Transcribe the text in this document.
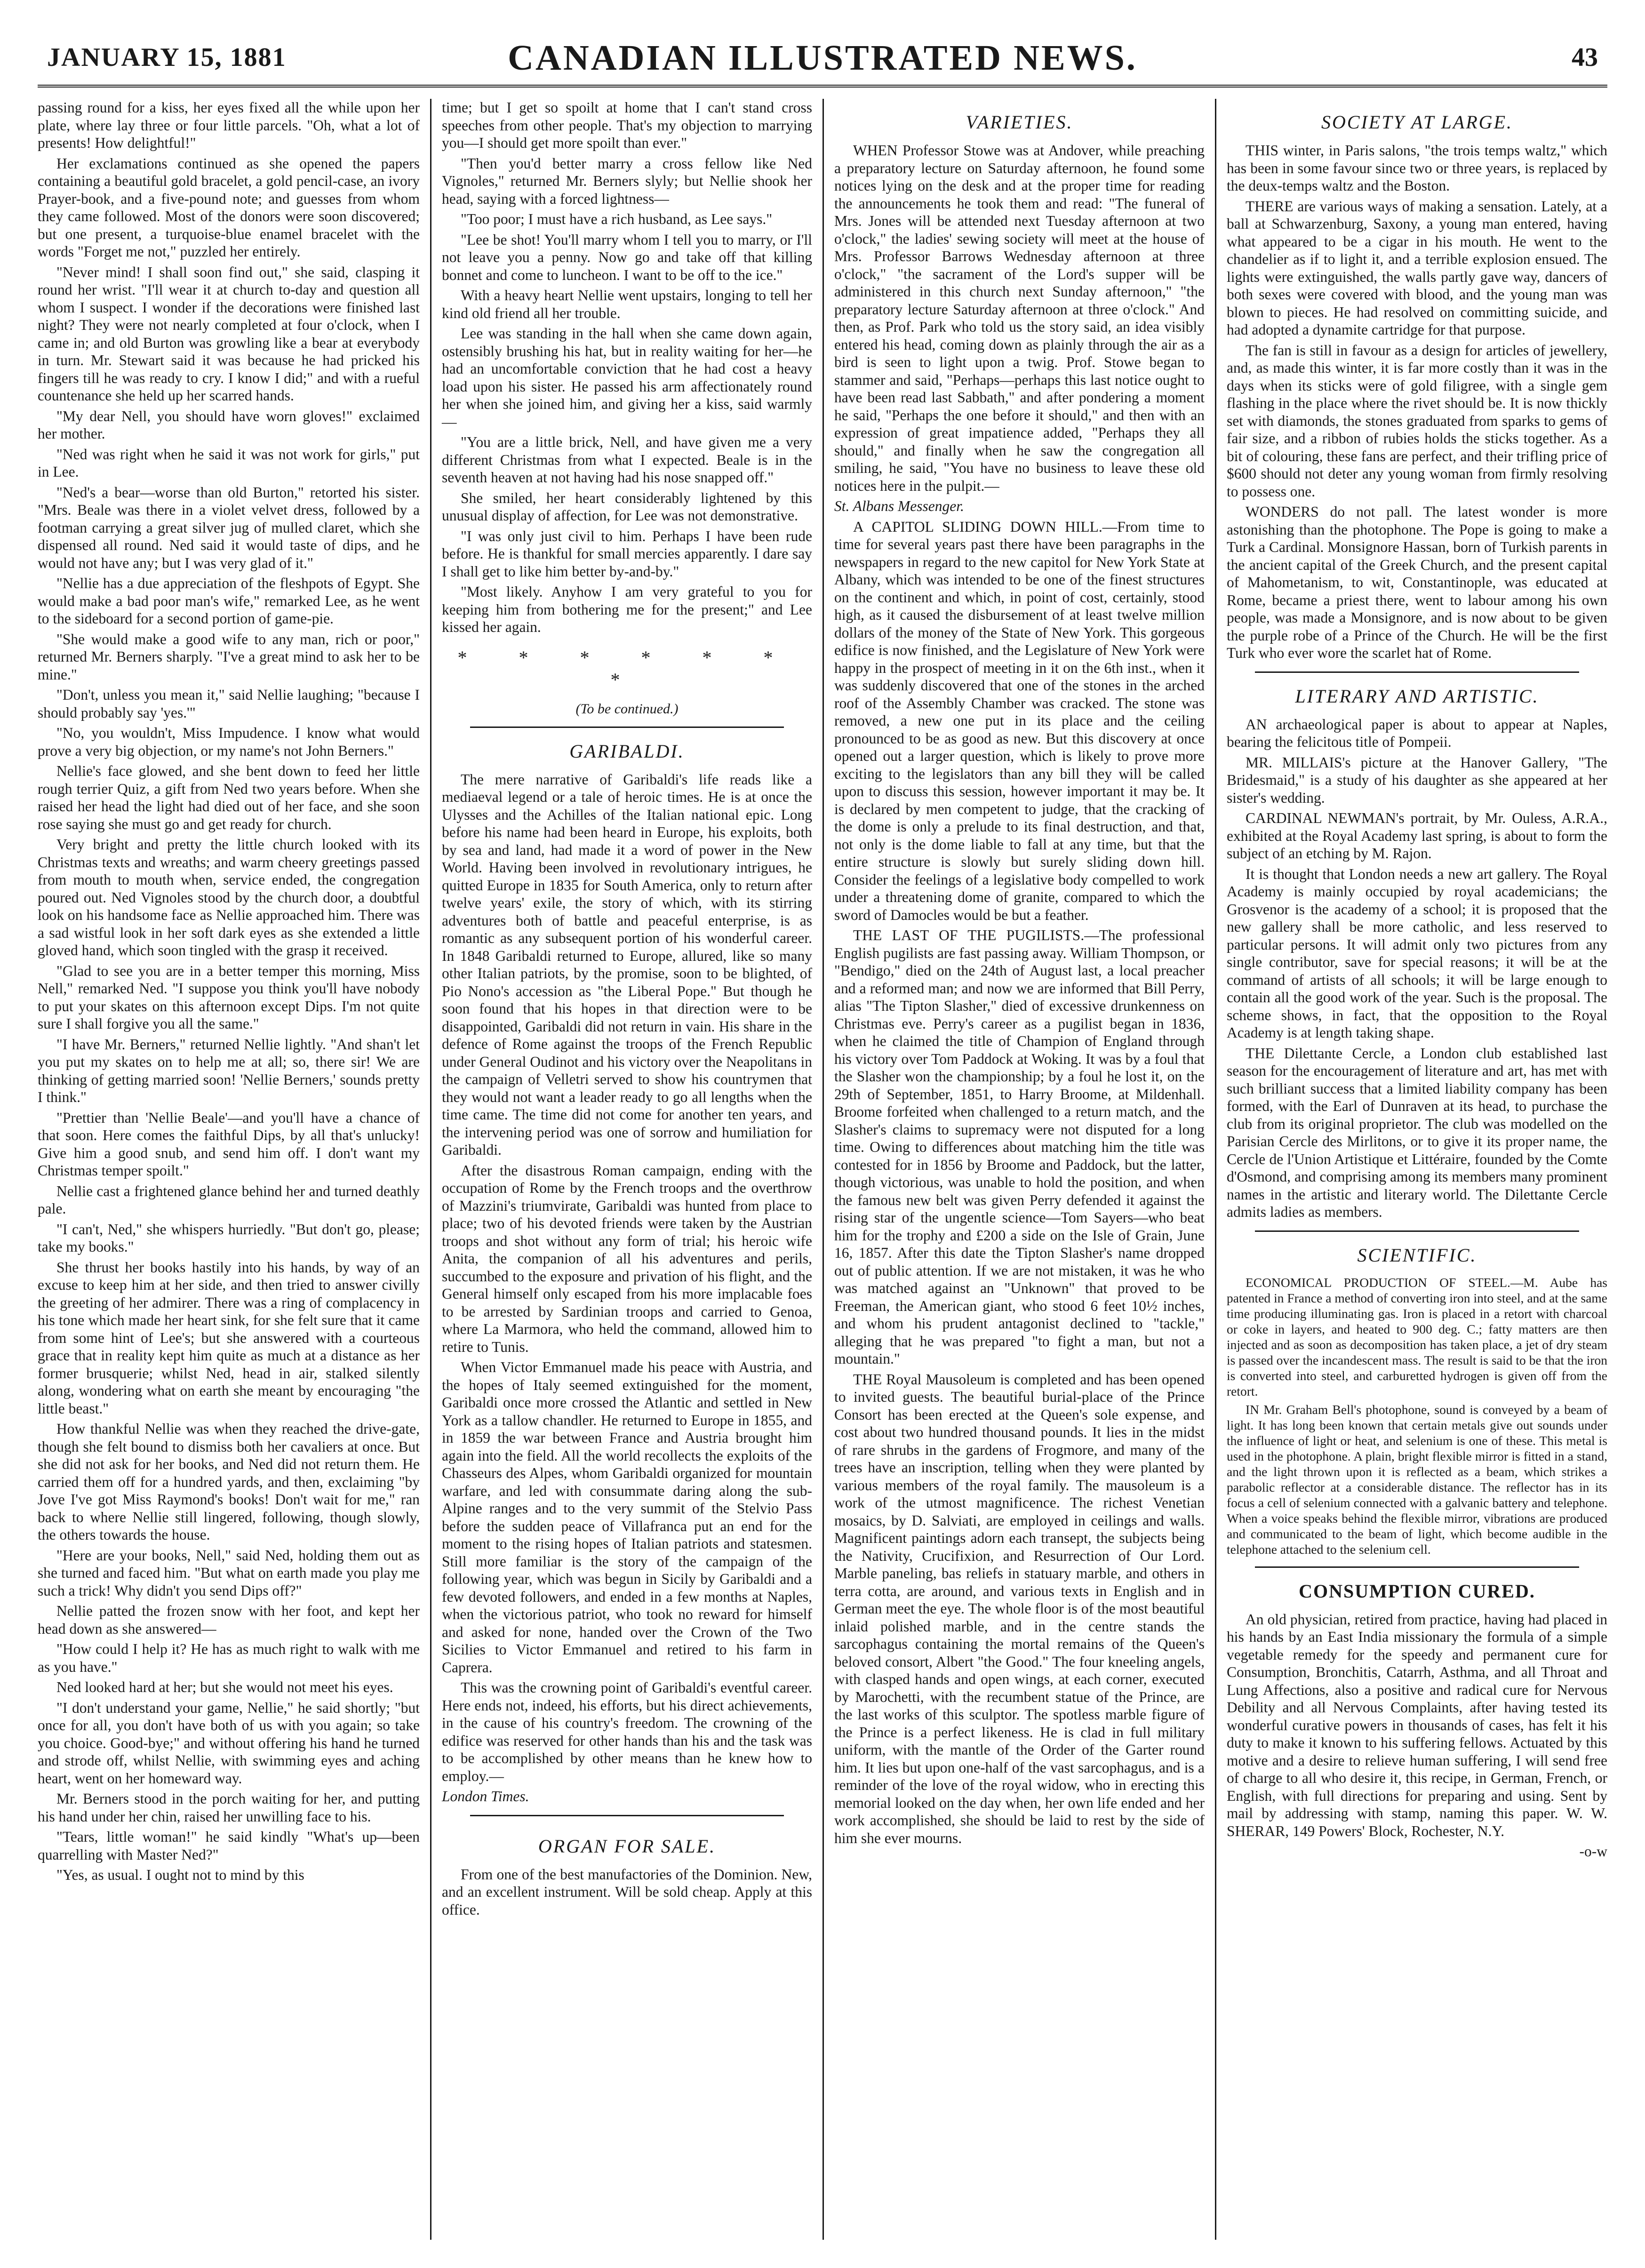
JANUARY 15, 1881	CANADIAN ILLUSTRATED NEWS.	43

passing round for a kiss, her eyes fixed all the while upon her plate, where lay three or four little parcels. "Oh, what a lot of presents! How delightful!"

Her exclamations continued as she opened the papers containing a beautiful gold bracelet, a gold pencil-case, an ivory Prayer-book, and a five-pound note; and guesses from whom they came followed. Most of the donors were soon discovered; but one present, a turquoise-blue enamel bracelet with the words "Forget me not," puzzled her entirely.

"Never mind! I shall soon find out," she said, clasping it round her wrist. "I'll wear it at church to-day and question all whom I suspect. I wonder if the decorations were finished last night? They were not nearly completed at four o'clock, when I came in; and old Burton was growling like a bear at everybody in turn. Mr. Stewart said it was because he had pricked his fingers till he was ready to cry. I know I did;" and with a rueful countenance she held up her scarred hands.

"My dear Nell, you should have worn gloves!" exclaimed her mother.

"Ned was right when he said it was not work for girls," put in Lee.

"Ned's a bear—worse than old Burton," retorted his sister. "Mrs. Beale was there in a violet velvet dress, followed by a footman carrying a great silver jug of mulled claret, which she dispensed all round. Ned said it would taste of dips, and he would not have any; but I was very glad of it."

"Nellie has a due appreciation of the fleshpots of Egypt. She would make a bad poor man's wife," remarked Lee, as he went to the sideboard for a second portion of game-pie.

"She would make a good wife to any man, rich or poor," returned Mr. Berners sharply. "I've a great mind to ask her to be mine."

"Don't, unless you mean it," said Nellie laughing; "because I should probably say 'yes.'"

"No, you wouldn't, Miss Impudence. I know what would prove a very big objection, or my name's not John Berners."

Nellie's face glowed, and she bent down to feed her little rough terrier Quiz, a gift from Ned two years before. When she raised her head the light had died out of her face, and she soon rose saying she must go and get ready for church.

Very bright and pretty the little church looked with its Christmas texts and wreaths; and warm cheery greetings passed from mouth to mouth when, service ended, the congregation poured out. Ned Vignoles stood by the church door, a doubtful look on his handsome face as Nellie approached him. There was a sad wistful look in her soft dark eyes as she extended a little gloved hand, which soon tingled with the grasp it received.

"Glad to see you are in a better temper this morning, Miss Nell," remarked Ned. "I suppose you think you'll have nobody to put your skates on this afternoon except Dips. I'm not quite sure I shall forgive you all the same."

"I have Mr. Berners," returned Nellie lightly. "And shan't let you put my skates on to help me at all; so, there sir! We are thinking of getting married soon! 'Nellie Berners,' sounds pretty I think."

"Prettier than 'Nellie Beale'—and you'll have a chance of that soon. Here comes the faithful Dips, by all that's unlucky! Give him a good snub, and send him off. I don't want my Christmas temper spoilt."

Nellie cast a frightened glance behind her and turned deathly pale.

"I can't, Ned," she whispers hurriedly. "But don't go, please; take my books."

She thrust her books hastily into his hands, by way of an excuse to keep him at her side, and then tried to answer civilly the greeting of her admirer. There was a ring of complacency in his tone which made her heart sink, for she felt sure that it came from some hint of Lee's; but she answered with a courteous grace that in reality kept him quite as much at a distance as her former brusquerie; whilst Ned, head in air, stalked silently along, wondering what on earth she meant by encouraging "the little beast."

How thankful Nellie was when they reached the drive-gate, though she felt bound to dismiss both her cavaliers at once. But she did not ask for her books, and Ned did not return them. He carried them off for a hundred yards, and then, exclaiming "by Jove I've got Miss Raymond's books! Don't wait for me," ran back to where Nellie still lingered, following, though slowly, the others towards the house.

"Here are your books, Nell," said Ned, holding them out as she turned and faced him. "But what on earth made you play me such a trick! Why didn't you send Dips off?"

Nellie patted the frozen snow with her foot, and kept her head down as she answered—

"How could I help it? He has as much right to walk with me as you have."

Ned looked hard at her; but she would not meet his eyes.

"I don't understand your game, Nellie," he said shortly; "but once for all, you don't have both of us with you again; so take you choice. Good-bye;" and without offering his hand he turned and strode off, whilst Nellie, with swimming eyes and aching heart, went on her homeward way.

Mr. Berners stood in the porch waiting for her, and putting his hand under her chin, raised her unwilling face to his.

"Tears, little woman!" he said kindly "What's up—been quarrelling with Master Ned?"

"Yes, as usual. I ought not to mind by this

time; but I get so spoilt at home that I can't stand cross speeches from other people. That's my objection to marrying you—I should get more spoilt than ever."

"Then you'd better marry a cross fellow like Ned Vignoles," returned Mr. Berners slyly; but Nellie shook her head, saying with a forced lightness—

"Too poor; I must have a rich husband, as Lee says."

"Lee be shot! You'll marry whom I tell you to marry, or I'll not leave you a penny. Now go and take off that killing bonnet and come to luncheon. I want to be off to the ice."

With a heavy heart Nellie went upstairs, longing to tell her kind old friend all her trouble.

Lee was standing in the hall when she came down again, ostensibly brushing his hat, but in reality waiting for her—he had an uncomfortable conviction that he had cost a heavy load upon his sister. He passed his arm affectionately round her when she joined him, and giving her a kiss, said warmly—

"You are a little brick, Nell, and have given me a very different Christmas from what I expected. Beale is in the seventh heaven at not having had his nose snapped off."

She smiled, her heart considerably lightened by this unusual display of affection, for Lee was not demonstrative.

"I was only just civil to him. Perhaps I have been rude before. He is thankful for small mercies apparently. I dare say I shall get to like him better by-and-by."

"Most likely. Anyhow I am very grateful to you for keeping him from bothering me for the present;" and Lee kissed her again.

* * * * * * *
(To be continued.)
GARIBALDI.

The mere narrative of Garibaldi's life reads like a mediaeval legend or a tale of heroic times. He is at once the Ulysses and the Achilles of the Italian national epic. Long before his name had been heard in Europe, his exploits, both by sea and land, had made it a word of power in the New World. Having been involved in revolutionary intrigues, he quitted Europe in 1835 for South America, only to return after twelve years' exile, the story of which, with its stirring adventures both of battle and peaceful enterprise, is as romantic as any subsequent portion of his wonderful career. In 1848 Garibaldi returned to Europe, allured, like so many other Italian patriots, by the promise, soon to be blighted, of Pio Nono's accession as "the Liberal Pope." But though he soon found that his hopes in that direction were to be disappointed, Garibaldi did not return in vain. His share in the defence of Rome against the troops of the French Republic under General Oudinot and his victory over the Neapolitans in the campaign of Velletri served to show his countrymen that they would not want a leader ready to go all lengths when the time came. The time did not come for another ten years, and the intervening period was one of sorrow and humiliation for Garibaldi.

After the disastrous Roman campaign, ending with the occupation of Rome by the French troops and the overthrow of Mazzini's triumvirate, Garibaldi was hunted from place to place; two of his devoted friends were taken by the Austrian troops and shot without any form of trial; his heroic wife Anita, the companion of all his adventures and perils, succumbed to the exposure and privation of his flight, and the General himself only escaped from his more implacable foes to be arrested by Sardinian troops and carried to Genoa, where La Marmora, who held the command, allowed him to retire to Tunis.

When Victor Emmanuel made his peace with Austria, and the hopes of Italy seemed extinguished for the moment, Garibaldi once more crossed the Atlantic and settled in New York as a tallow chandler. He returned to Europe in 1855, and in 1859 the war between France and Austria brought him again into the field. All the world recollects the exploits of the Chasseurs des Alpes, whom Garibaldi organized for mountain warfare, and led with consummate daring along the sub-Alpine ranges and to the very summit of the Stelvio Pass before the sudden peace of Villafranca put an end for the moment to the rising hopes of Italian patriots and statesmen. Still more familiar is the story of the campaign of the following year, which was begun in Sicily by Garibaldi and a few devoted followers, and ended in a few months at Naples, when the victorious patriot, who took no reward for himself and asked for none, handed over the Crown of the Two Sicilies to Victor Emmanuel and retired to his farm in Caprera.

This was the crowning point of Garibaldi's eventful career. Here ends not, indeed, his efforts, but his direct achievements, in the cause of his country's freedom. The crowning of the edifice was reserved for other hands than his and the task was to be accomplished by other means than he knew how to employ.—

London Times.

ORGAN FOR SALE.

From one of the best manufactories of the Dominion. New, and an excellent instrument. Will be sold cheap. Apply at this office.

VARIETIES.

WHEN Professor Stowe was at Andover, while preaching a preparatory lecture on Saturday afternoon, he found some notices lying on the desk and at the proper time for reading the announcements he took them and read: "The funeral of Mrs. Jones will be attended next Tuesday afternoon at two o'clock," the ladies' sewing society will meet at the house of Mrs. Professor Barrows Wednesday afternoon at three o'clock," "the sacrament of the Lord's supper will be administered in this church next Sunday afternoon," "the preparatory lecture Saturday afternoon at three o'clock." And then, as Prof. Park who told us the story said, an idea visibly entered his head, coming down as plainly through the air as a bird is seen to light upon a twig. Prof. Stowe began to stammer and said, "Perhaps—perhaps this last notice ought to have been read last Sabbath," and after pondering a moment he said, "Perhaps the one before it should," and then with an expression of great impatience added, "Perhaps they all should," and finally when he saw the congregation all smiling, he said, "You have no business to leave these old notices here in the pulpit.—

St. Albans Messenger.

A CAPITOL SLIDING DOWN HILL.—From time to time for several years past there have been paragraphs in the newspapers in regard to the new capitol for New York State at Albany, which was intended to be one of the finest structures on the continent and which, in point of cost, certainly, stood high, as it caused the disbursement of at least twelve million dollars of the money of the State of New York. This gorgeous edifice is now finished, and the Legislature of New York were happy in the prospect of meeting in it on the 6th inst., when it was suddenly discovered that one of the stones in the arched roof of the Assembly Chamber was cracked. The stone was removed, a new one put in its place and the ceiling pronounced to be as good as new. But this discovery at once opened out a larger question, which is likely to prove more exciting to the legislators than any bill they will be called upon to discuss this session, however important it may be. It is declared by men competent to judge, that the cracking of the dome is only a prelude to its final destruction, and that, not only is the dome liable to fall at any time, but that the entire structure is slowly but surely sliding down hill. Consider the feelings of a legislative body compelled to work under a threatening dome of granite, compared to which the sword of Damocles would be but a feather.

THE LAST OF THE PUGILISTS.—The professional English pugilists are fast passing away. William Thompson, or "Bendigo," died on the 24th of August last, a local preacher and a reformed man; and now we are informed that Bill Perry, alias "The Tipton Slasher," died of excessive drunkenness on Christmas eve. Perry's career as a pugilist began in 1836, when he claimed the title of Champion of England through his victory over Tom Paddock at Woking. It was by a foul that the Slasher won the championship; by a foul he lost it, on the 29th of September, 1851, to Harry Broome, at Mildenhall. Broome forfeited when challenged to a return match, and the Slasher's claims to supremacy were not disputed for a long time. Owing to differences about matching him the title was contested for in 1856 by Broome and Paddock, but the latter, though victorious, was unable to hold the position, and when the famous new belt was given Perry defended it against the rising star of the ungentle science—Tom Sayers—who beat him for the trophy and £200 a side on the Isle of Grain, June 16, 1857. After this date the Tipton Slasher's name dropped out of public attention. If we are not mistaken, it was he who was matched against an "Unknown" that proved to be Freeman, the American giant, who stood 6 feet 10½ inches, and whom his prudent antagonist declined to "tackle," alleging that he was prepared "to fight a man, but not a mountain."

THE Royal Mausoleum is completed and has been opened to invited guests. The beautiful burial-place of the Prince Consort has been erected at the Queen's sole expense, and cost about two hundred thousand pounds. It lies in the midst of rare shrubs in the gardens of Frogmore, and many of the trees have an inscription, telling when they were planted by various members of the royal family. The mausoleum is a work of the utmost magnificence. The richest Venetian mosaics, by D. Salviati, are employed in ceilings and walls. Magnificent paintings adorn each transept, the subjects being the Nativity, Crucifixion, and Resurrection of Our Lord. Marble paneling, bas reliefs in statuary marble, and others in terra cotta, are around, and various texts in English and in German meet the eye. The whole floor is of the most beautiful inlaid polished marble, and in the centre stands the sarcophagus containing the mortal remains of the Queen's beloved consort, Albert "the Good." The four kneeling angels, with clasped hands and open wings, at each corner, executed by Marochetti, with the recumbent statue of the Prince, are the last works of this sculptor. The spotless marble figure of the Prince is a perfect likeness. He is clad in full military uniform, with the mantle of the Order of the Garter round him. It lies but upon one-half of the vast sarcophagus, and is a reminder of the love of the royal widow, who in erecting this memorial looked on the day when, her own life ended and her work accomplished, she should be laid to rest by the side of him she ever mourns.

SOCIETY AT LARGE.

THIS winter, in Paris salons, "the trois temps waltz," which has been in some favour since two or three years, is replaced by the deux-temps waltz and the Boston.

THERE are various ways of making a sensation. Lately, at a ball at Schwarzenburg, Saxony, a young man entered, having what appeared to be a cigar in his mouth. He went to the chandelier as if to light it, and a terrible explosion ensued. The lights were extinguished, the walls partly gave way, dancers of both sexes were covered with blood, and the young man was blown to pieces. He had resolved on committing suicide, and had adopted a dynamite cartridge for that purpose.

The fan is still in favour as a design for articles of jewellery, and, as made this winter, it is far more costly than it was in the days when its sticks were of gold filigree, with a single gem flashing in the place where the rivet should be. It is now thickly set with diamonds, the stones graduated from sparks to gems of fair size, and a ribbon of rubies holds the sticks together. As a bit of colouring, these fans are perfect, and their trifling price of $600 should not deter any young woman from firmly resolving to possess one.

WONDERS do not pall. The latest wonder is more astonishing than the photophone. The Pope is going to make a Turk a Cardinal. Monsignore Hassan, born of Turkish parents in the ancient capital of the Greek Church, and the present capital of Mahometanism, to wit, Constantinople, was educated at Rome, became a priest there, went to labour among his own people, was made a Monsignore, and is now about to be given the purple robe of a Prince of the Church. He will be the first Turk who ever wore the scarlet hat of Rome.

LITERARY AND ARTISTIC.

AN archaeological paper is about to appear at Naples, bearing the felicitous title of Pompeii.

MR. MILLAIS's picture at the Hanover Gallery, "The Bridesmaid," is a study of his daughter as she appeared at her sister's wedding.

CARDINAL NEWMAN's portrait, by Mr. Ouless, A.R.A., exhibited at the Royal Academy last spring, is about to form the subject of an etching by M. Rajon.

It is thought that London needs a new art gallery. The Royal Academy is mainly occupied by royal academicians; the Grosvenor is the academy of a school; it is proposed that the new gallery shall be more catholic, and less reserved to particular persons. It will admit only two pictures from any single contributor, save for special reasons; it will be at the command of artists of all schools; it will be large enough to contain all the good work of the year. Such is the proposal. The scheme shows, in fact, that the opposition to the Royal Academy is at length taking shape.

THE Dilettante Cercle, a London club established last season for the encouragement of literature and art, has met with such brilliant success that a limited liability company has been formed, with the Earl of Dunraven at its head, to purchase the club from its original proprietor. The club was modelled on the Parisian Cercle des Mirlitons, or to give it its proper name, the Cercle de l'Union Artistique et Littéraire, founded by the Comte d'Osmond, and comprising among its members many prominent names in the artistic and literary world. The Dilettante Cercle admits ladies as members.

SCIENTIFIC.

ECONOMICAL PRODUCTION OF STEEL.—M. Aube has patented in France a method of converting iron into steel, and at the same time producing illuminating gas. Iron is placed in a retort with charcoal or coke in layers, and heated to 900 deg. C.; fatty matters are then injected and as soon as decomposition has taken place, a jet of dry steam is passed over the incandescent mass. The result is said to be that the iron is converted into steel, and carburetted hydrogen is given off from the retort.

IN Mr. Graham Bell's photophone, sound is conveyed by a beam of light. It has long been known that certain metals give out sounds under the influence of light or heat, and selenium is one of these. This metal is used in the photophone. A plain, bright flexible mirror is fitted in a stand, and the light thrown upon it is reflected as a beam, which strikes a parabolic reflector at a considerable distance. The reflector has in its focus a cell of selenium connected with a galvanic battery and telephone. When a voice speaks behind the flexible mirror, vibrations are produced and communicated to the beam of light, which become audible in the telephone attached to the selenium cell.

CONSUMPTION CURED.

An old physician, retired from practice, having had placed in his hands by an East India missionary the formula of a simple vegetable remedy for the speedy and permanent cure for Consumption, Bronchitis, Catarrh, Asthma, and all Throat and Lung Affections, also a positive and radical cure for Nervous Debility and all Nervous Complaints, after having tested its wonderful curative powers in thousands of cases, has felt it his duty to make it known to his suffering fellows. Actuated by this motive and a desire to relieve human suffering, I will send free of charge to all who desire it, this recipe, in German, French, or English, with full directions for preparing and using. Sent by mail by addressing with stamp, naming this paper. W. W. SHERAR, 149 Powers' Block, Rochester, N.Y.

-o-w
